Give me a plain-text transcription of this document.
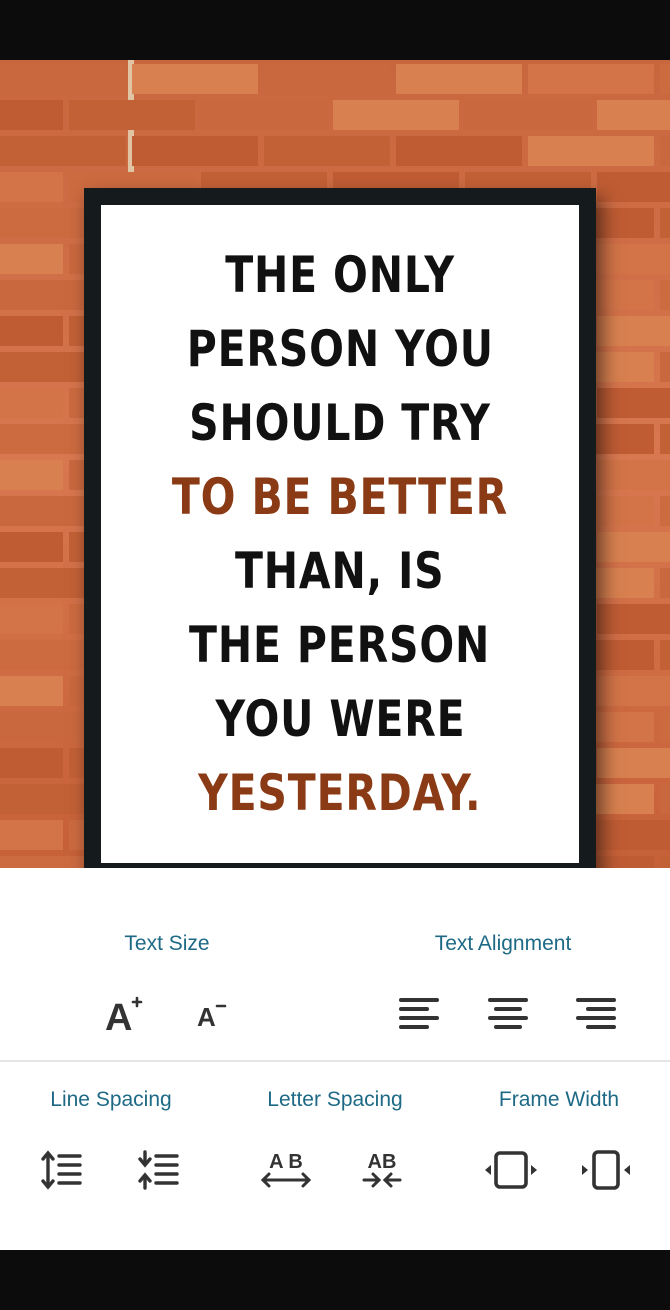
THE ONLY
PERSON YOU
SHOULD TRY
TO BE BETTER
THAN, IS
THE PERSON
YOU WERE
YESTERDAY.
Text Size
A A
Text Alignment
Line Spacing	Letter Spacing
A B	AB
Frame Width
